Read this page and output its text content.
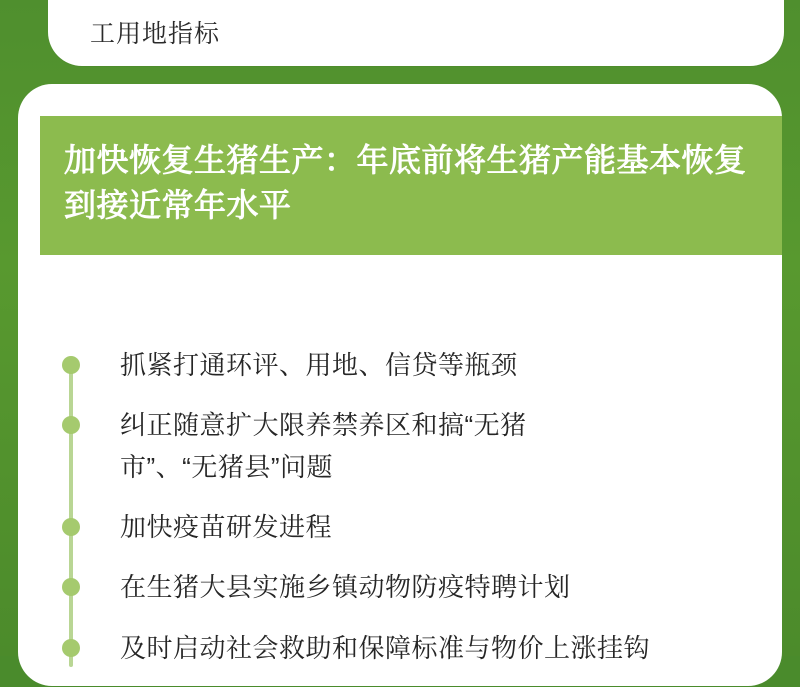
工用地指标
加快恢复生猪生产：年底前将生猪产能基本恢复到接近常年水平
抓紧打通环评、用地、信贷等瓶颈
纠正随意扩大限养禁养区和搞“无猪
市”、“无猪县”问题
加快疫苗研发进程
在生猪大县实施乡镇动物防疫特聘计划
及时启动社会救助和保障标准与物价上涨挂钩
